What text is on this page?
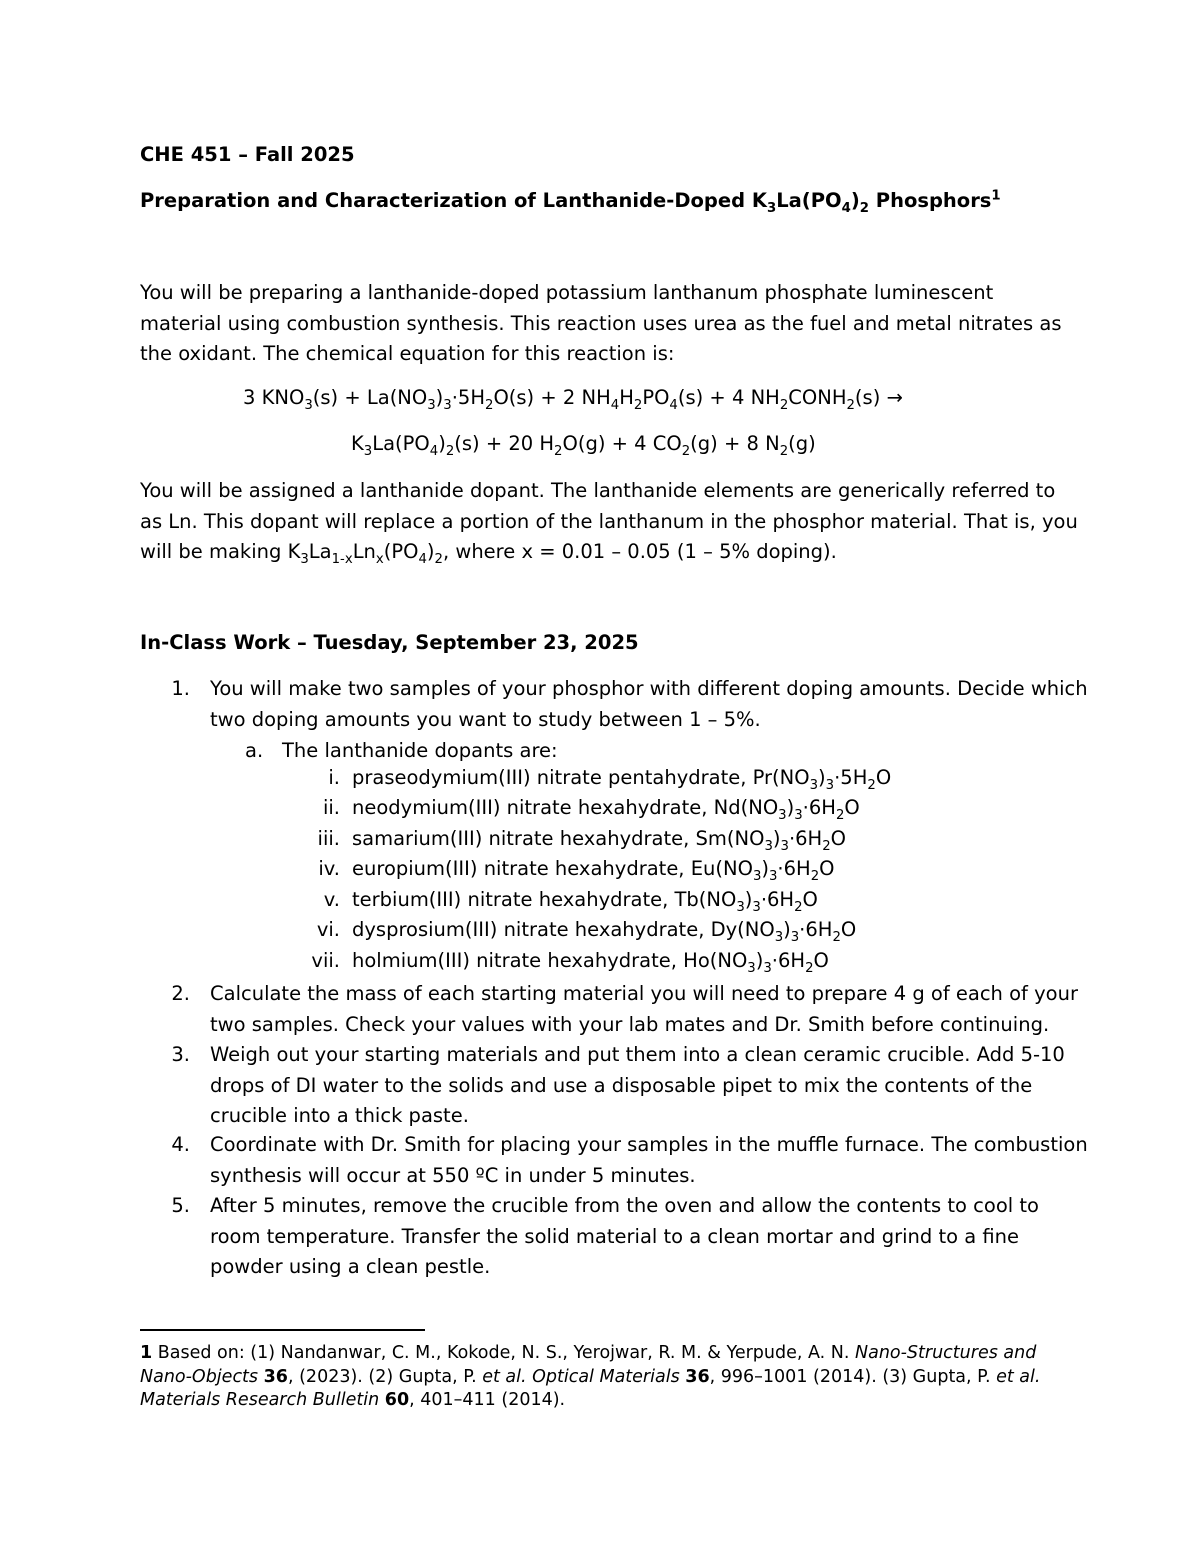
CHE 451 – Fall 2025

Preparation and Characterization of Lanthanide-Doped $K_3La(PO_4)_2$ Phosphors$^1$

You will be preparing a lanthanide-doped potassium lanthanum phosphate luminescent material using combustion synthesis. This reaction uses urea as the fuel and metal nitrates as the oxidant. The chemical equation for this reaction is:

3 $KNO_3(s) + La(NO_3)_3\cdot 5H_2O(s) + 2$ $NH_4H_2PO_4(s) + 4$ $NH_2CONH_2(s)$ →

$K_3La(PO_4)_2(s) + 20$ $H_2O(g) + 4$ $CO_2(g) + 8$ $N_2(g)$

You will be assigned a lanthanide dopant. The lanthanide elements are generically referred to as Ln. This dopant will replace a portion of the lanthanum in the phosphor material. That is, you will be making $K_3La_{1-x}Ln_x(PO_4)_2$, where x = 0.01 – 0.05 (1 – 5% doping).

In-Class Work – Tuesday, September 23, 2025

1. You will make two samples of your phosphor with different doping amounts. Decide which two doping amounts you want to study between 1 – 5%.
a. The lanthanide dopants are:
i. praseodymium(III) nitrate pentahydrate, $Pr(NO_3)_3\cdot 5H_2O$
ii. neodymium(III) nitrate hexahydrate, $Nd(NO_3)_3\cdot 6H_2O$
iii. samarium(III) nitrate hexahydrate, $Sm(NO_3)_3\cdot 6H_2O$
iv. europium(III) nitrate hexahydrate, $Eu(NO_3)_3\cdot 6H_2O$
v. terbium(III) nitrate hexahydrate, $Tb(NO_3)_3\cdot 6H_2O$
vi. dysprosium(III) nitrate hexahydrate, $Dy(NO_3)_3\cdot 6H_2O$
vii. holmium(III) nitrate hexahydrate, $Ho(NO_3)_3\cdot 6H_2O$
2. Calculate the mass of each starting material you will need to prepare 4 g of each of your two samples. Check your values with your lab mates and Dr. Smith before continuing.
3. Weigh out your starting materials and put them into a clean ceramic crucible. Add 5-10 drops of DI water to the solids and use a disposable pipet to mix the contents of the crucible into a thick paste.
4. Coordinate with Dr. Smith for placing your samples in the muffle furnace. The combustion synthesis will occur at 550 ºC in under 5 minutes.
5. After 5 minutes, remove the crucible from the oven and allow the contents to cool to room temperature. Transfer the solid material to a clean mortar and grind to a fine powder using a clean pestle.
1 Based on: (1) Nandanwar, C. M., Kokode, N. S., Yerojwar, R. M. & Yerpude, A. N. Nano-Structures and Nano-Objects 36, (2023). (2) Gupta, P. et al. Optical Materials 36, 996–1001 (2014). (3) Gupta, P. et al. Materials Research Bulletin 60, 401–411 (2014).
